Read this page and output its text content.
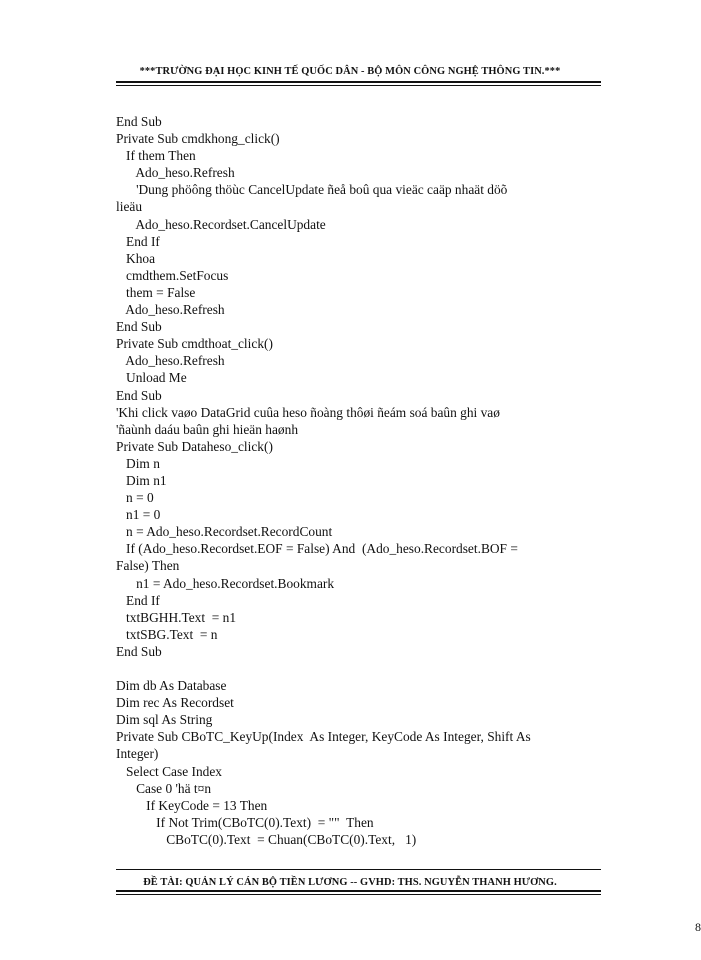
***TRƯỜNG ĐẠI HỌC KINH TẾ QUỐC DÂN - BỘ MÔN CÔNG NGHỆ THÔNG TIN.***
End Sub
Private Sub cmdkhong_click()
If them Then
Ado_heso.Refresh
'Dung phöông thöùc CancelUpdate ñeå boû qua vieäc caäp nhaät döõ
lieäu
Ado_heso.Recordset.CancelUpdate
End If
Khoa
cmdthem.SetFocus
them = False
Ado_heso.Refresh
End Sub
Private Sub cmdthoat_click()
Ado_heso.Refresh
Unload Me
End Sub
'Khi click vaøo DataGrid cuûa heso ñoàng thôøi ñeám soá baûn ghi vaø
'ñaùnh daáu baûn ghi hieän haønh
Private Sub Dataheso_click()
Dim n
Dim n1
n = 0
n1 = 0
n = Ado_heso.Recordset.RecordCount
If (Ado_heso.Recordset.EOF = False) And  (Ado_heso.Recordset.BOF =
False) Then
n1 = Ado_heso.Recordset.Bookmark
End If
txtBGHH.Text  = n1
txtSBG.Text  = n
End Sub
Dim db As Database
Dim rec As Recordset
Dim sql As String
Private Sub CBoTC_KeyUp(Index  As Integer, KeyCode As Integer, Shift As
Integer)
Select Case Index
Case 0 'hä t¤n
If KeyCode = 13 Then
If Not Trim(CBoTC(0).Text)  = ""  Then
CBoTC(0).Text  = Chuan(CBoTC(0).Text,   1)
ĐỀ TÀI: QUẢN LÝ CÁN BỘ TIỀN LƯƠNG -- GVHD: THS. NGUYỄN THANH HƯƠNG.
8
